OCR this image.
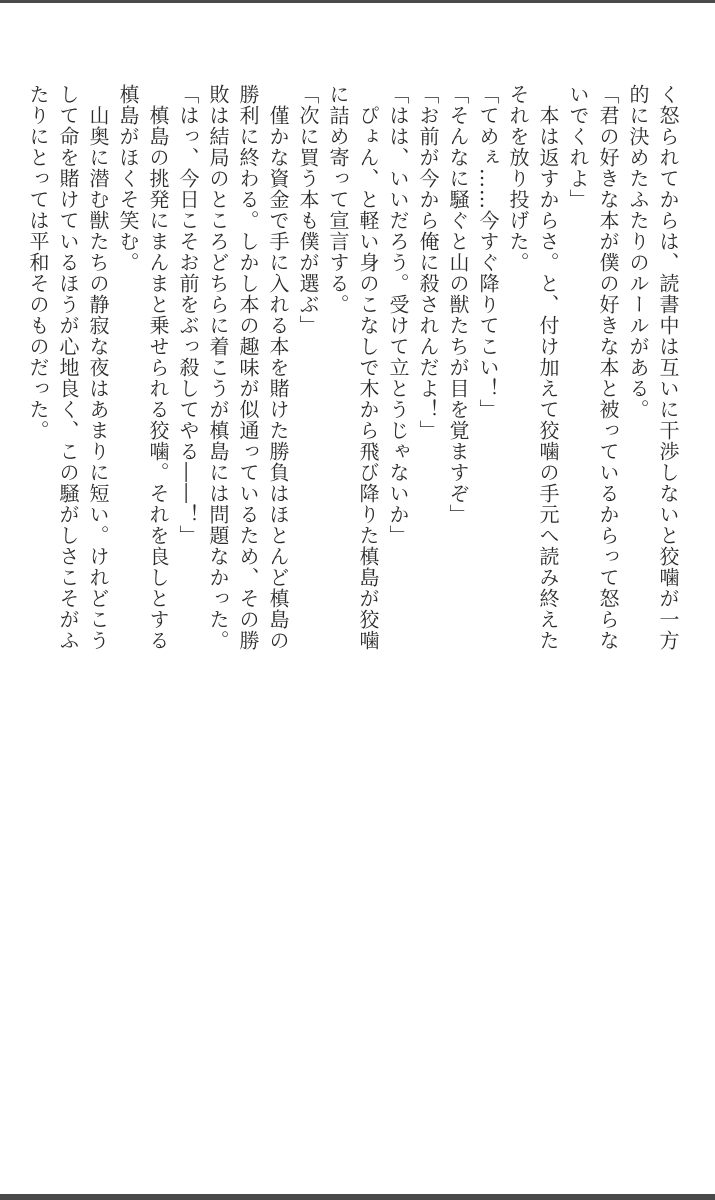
く怒られてからは、読書中は互いに干渉しないと狡噛が一方

的に決めたふたりのルールがある。

「君の好きな本が僕の好きな本と被っているからって怒らな

いでくれよ」

　本は返すからさ。と、付け加えて狡噛の手元へ読み終えた

それを放り投げた。

「てめぇ……今すぐ降りてこい！」

「そんなに騒ぐと山の獣たちが目を覚ますぞ」

「お前が今から俺に殺されんだよ！」

「はは、いいだろう。受けて立とうじゃないか」

　ぴょん、と軽い身のこなしで木から飛び降りた槙島が狡噛

に詰め寄って宣言する。

「次に買う本も僕が選ぶ」

　僅かな資金で手に入れる本を賭けた勝負はほとんど槙島の

勝利に終わる。しかし本の趣味が似通っているため、その勝

敗は結局のところどちらに着こうが槙島には問題なかった。

「はっ、今日こそお前をぶっ殺してやる――！」

　槙島の挑発にまんまと乗せられる狡噛。それを良しとする

槙島がほくそ笑む。

　山奥に潜む獣たちの静寂な夜はあまりに短い。けれどこう

して命を賭けているほうが心地良く、この騒がしさこそがふ

たりにとっては平和そのものだった。
